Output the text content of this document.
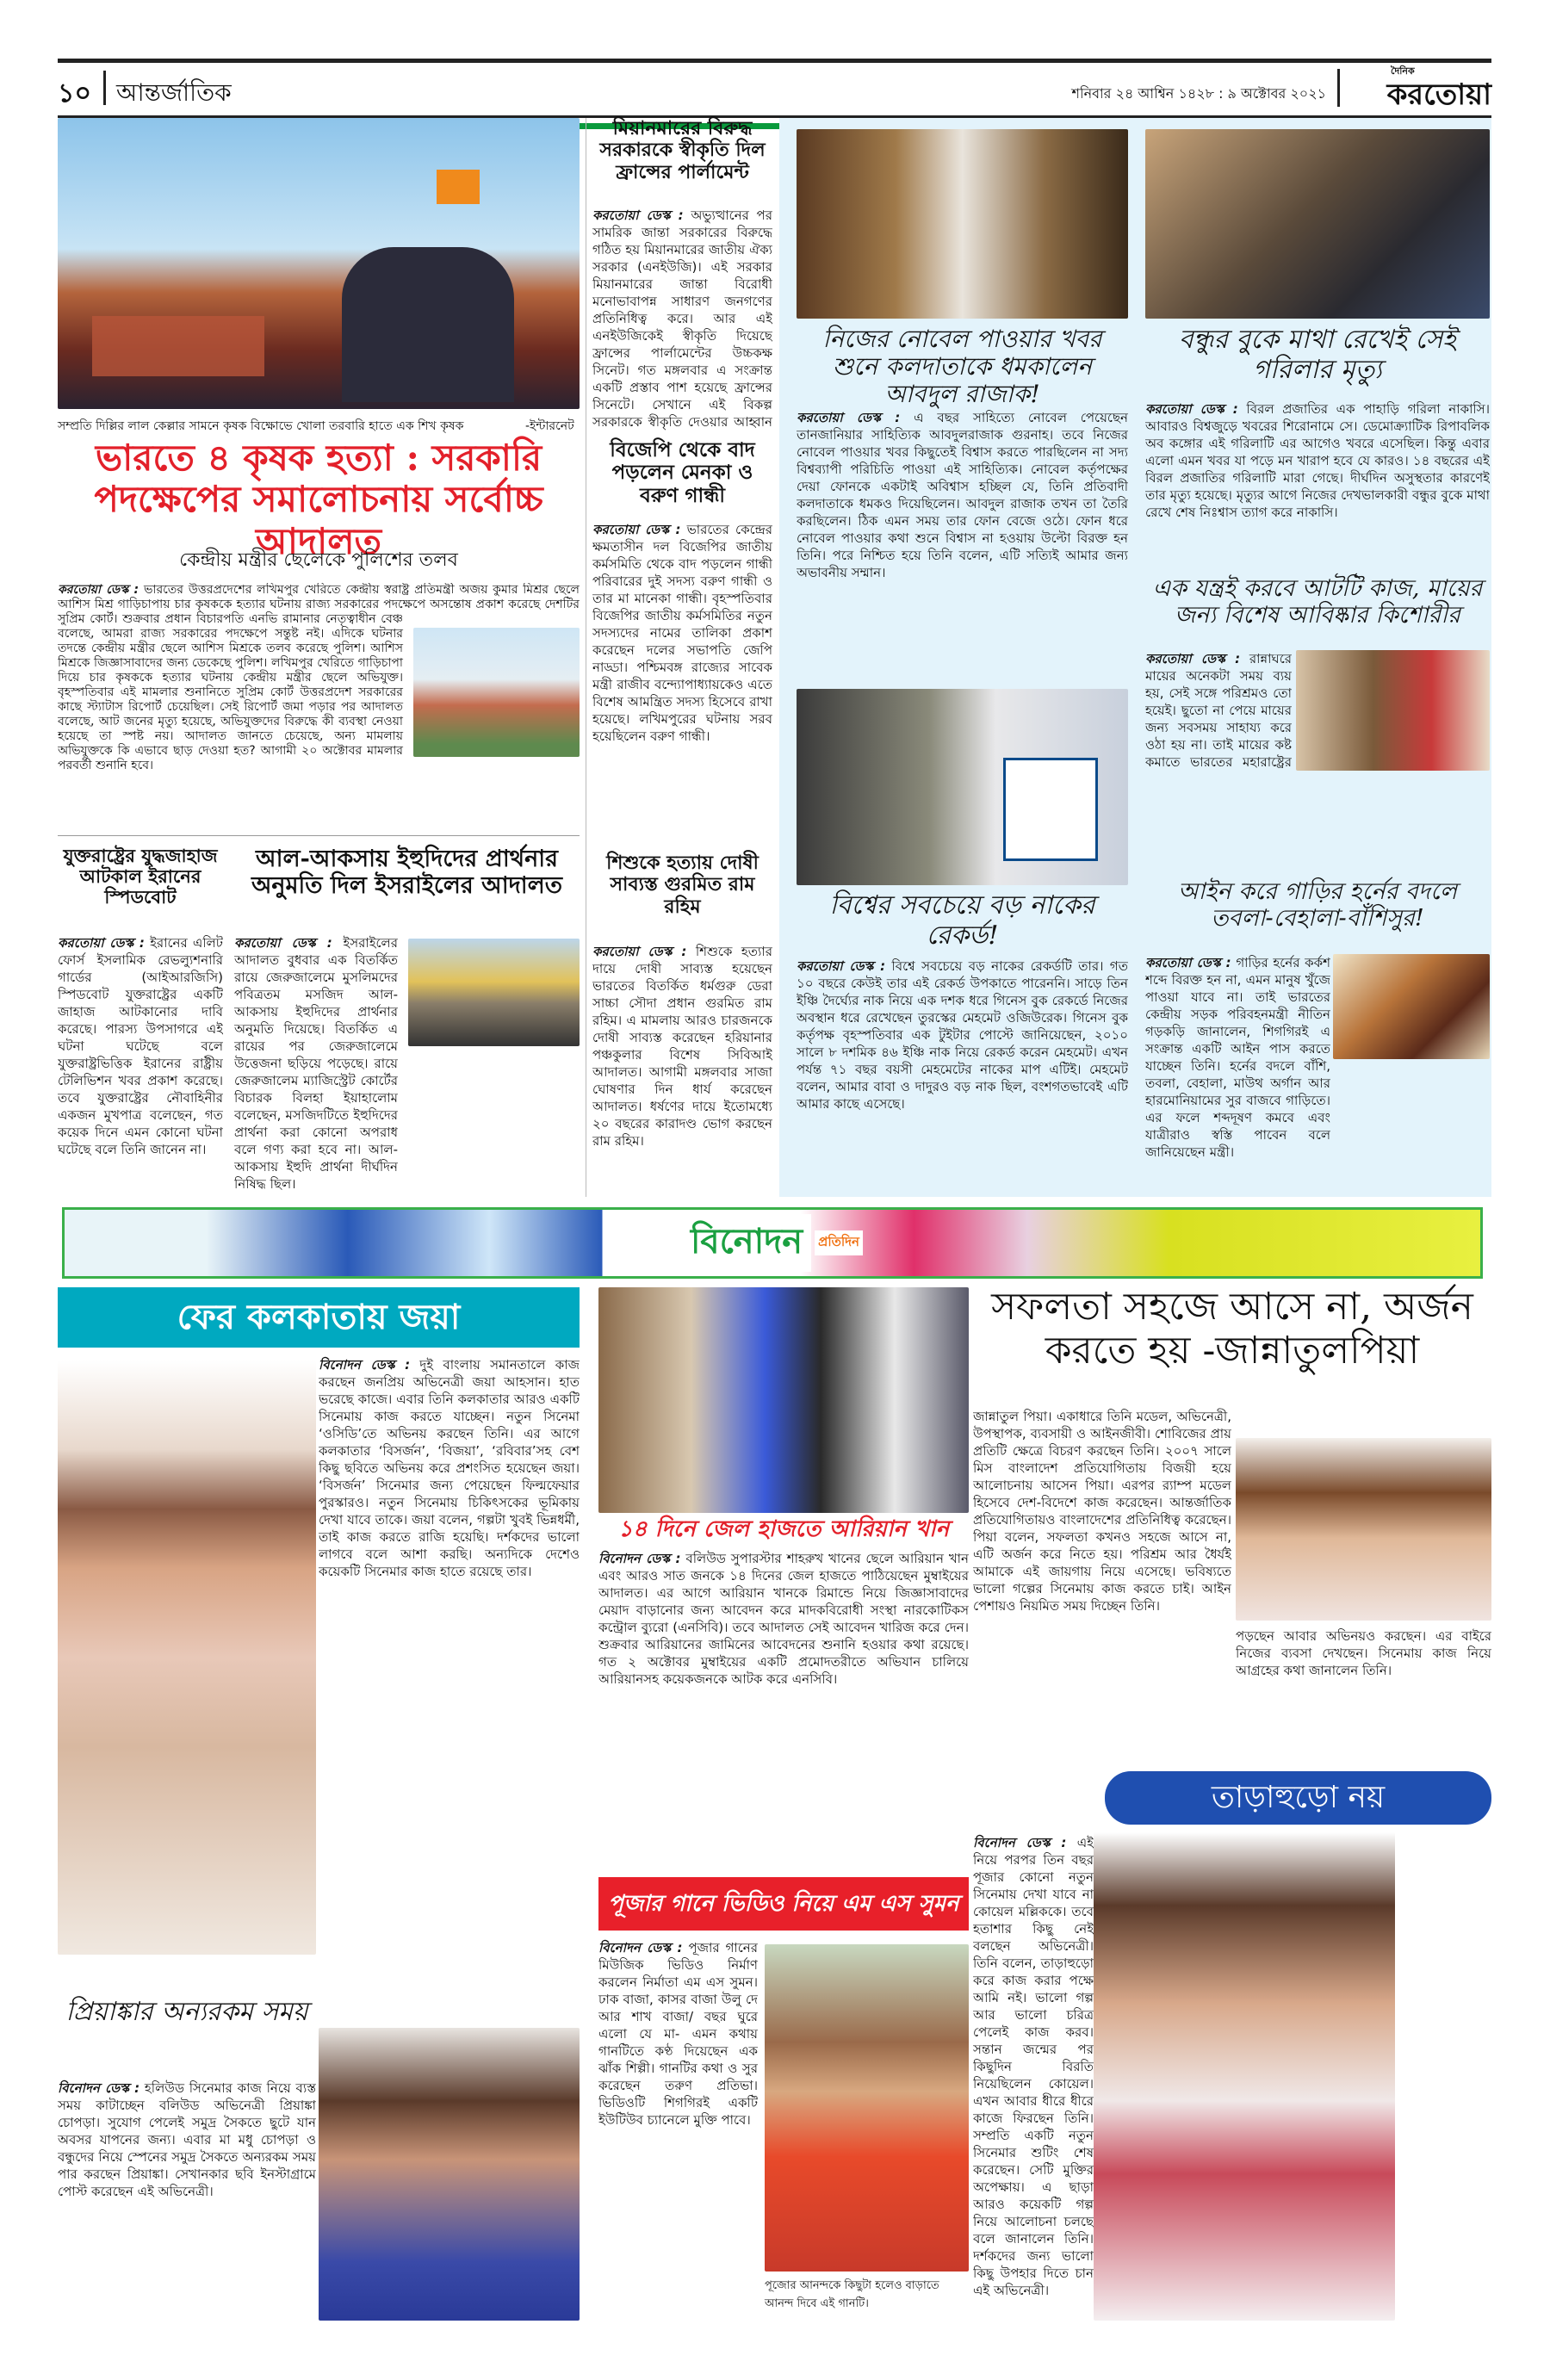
১০ আন্তর্জাতিক	শনিবার ২৪ আশ্বিন ১৪২৮ : ৯ অক্টোবর ২০২১
দৈনিক
করতোয়া
সম্প্রতি দিল্লির লাল কেল্লার সামনে কৃষক বিক্ষোভে খোলা তরবারি হাতে এক শিখ কৃষক	-ইন্টারনেট
ভারতে ৪ কৃষক হত্যা : সরকারি পদক্ষেপের সমালোচনায় সর্বোচ্চ আদালত
কেন্দ্রীয় মন্ত্রীর ছেলেকে পুলিশের তলব
করতোয়া ডেস্ক : ভারতের উত্তরপ্রদেশের লখিমপুর খেরিতে কেন্দ্রীয় স্বরাষ্ট্র প্রতিমন্ত্রী অজয় কুমার মিশ্রর ছেলে আশিস মিশ্র গাড়িচাপায় চার কৃষককে হত্যার ঘটনায় রাজ্য সরকারের পদক্ষেপে অসন্তোষ প্রকাশ করেছে দেশটির সুপ্রিম কোর্ট। শুক্রবার প্রধান বিচারপতি এনভি রামানার নেতৃত্বাধীন বেঞ্চ বলেছে, আমরা রাজ্য সরকারের পদক্ষেপে সন্তুষ্ট নই। এদিকে ঘটনার তদন্তে কেন্দ্রীয় মন্ত্রীর ছেলে আশিস মিশ্রকে তলব করেছে পুলিশ। আশিস মিশ্রকে জিজ্ঞাসাবাদের জন্য ডেকেছে পুলিশ। লখিমপুর খেরিতে গাড়িচাপা দিয়ে চার কৃষককে হত্যার ঘটনায় কেন্দ্রীয় মন্ত্রীর ছেলে অভিযুক্ত। বৃহস্পতিবার এই মামলার শুনানিতে সুপ্রিম কোর্ট উত্তরপ্রদেশ সরকারের কাছে স্ট্যাটাস রিপোর্ট চেয়েছিল। সেই রিপোর্ট জমা পড়ার পর আদালত বলেছে, আট জনের মৃত্যু হয়েছে, অভিযুক্তদের বিরুদ্ধে কী ব্যবস্থা নেওয়া হয়েছে তা স্পষ্ট নয়। আদালত জানতে চেয়েছে, অন্য মামলায় অভিযুক্তকে কি এভাবে ছাড় দেওয়া হত? আগামী ২০ অক্টোবর মামলার পরবর্তী শুনানি হবে।
যুক্তরাষ্ট্রের যুদ্ধজাহাজ আটকাল ইরানের স্পিডবোট
করতোয়া ডেস্ক : ইরানের এলিট ফোর্স ইসলামিক রেভল্যুশনারি গার্ডের (আইআরজিসি) স্পিডবোট যুক্তরাষ্ট্রের একটি জাহাজ আটকানোর দাবি করেছে। পারস্য উপসাগরে এই ঘটনা ঘটেছে বলে যুক্তরাষ্ট্রভিত্তিক ইরানের রাষ্ট্রীয় টেলিভিশন খবর প্রকাশ করেছে। তবে যুক্তরাষ্ট্রের নৌবাহিনীর একজন মুখপাত্র বলেছেন, গত কয়েক দিনে এমন কোনো ঘটনা ঘটেছে বলে তিনি জানেন না।
আল-আকসায় ইহুদিদের প্রার্থনার অনুমতি দিল ইসরাইলের আদালত
করতোয়া ডেস্ক : ইসরাইলের আদালত বুধবার এক বিতর্কিত রায়ে জেরুজালেমে মুসলিমদের পবিত্রতম মসজিদ আল-আকসায় ইহুদিদের প্রার্থনার অনুমতি দিয়েছে। বিতর্কিত এ রায়ের পর জেরুজালেমে উত্তেজনা ছড়িয়ে পড়েছে। রায়ে জেরুজালেম ম্যাজিস্ট্রেট কোর্টের বিচারক বিলহা ইয়াহালোম বলেছেন, মসজিদটিতে ইহুদিদের প্রার্থনা করা কোনো অপরাধ বলে গণ্য করা হবে না। আল-আকসায় ইহুদি প্রার্থনা দীর্ঘদিন নিষিদ্ধ ছিল।
মিয়ানমারের বিরুদ্ধ সরকারকে স্বীকৃতি দিল ফ্রান্সের পার্লামেন্ট
করতোয়া ডেস্ক : অভ্যুত্থানের পর সামরিক জান্তা সরকারের বিরুদ্ধে গঠিত হয় মিয়ানমারের জাতীয় ঐক্য সরকার (এনইউজি)। এই সরকার মিয়ানমারের জান্তা বিরোধী মনোভাবাপন্ন সাধারণ জনগণের প্রতিনিধিত্ব করে। আর এই এনইউজিকেই স্বীকৃতি দিয়েছে ফ্রান্সের পার্লামেন্টের উচ্চকক্ষ সিনেট। গত মঙ্গলবার এ সংক্রান্ত একটি প্রস্তাব পাশ হয়েছে ফ্রান্সের সিনেটে। সেখানে এই বিকল্প সরকারকে স্বীকৃতি দেওয়ার আহ্বান
বিজেপি থেকে বাদ পড়লেন মেনকা ও বরুণ গান্ধী
করতোয়া ডেস্ক : ভারতের কেন্দ্রের ক্ষমতাসীন দল বিজেপির জাতীয় কর্মসমিতি থেকে বাদ পড়লেন গান্ধী পরিবারের দুই সদস্য বরুণ গান্ধী ও তার মা মানেকা গান্ধী। বৃহস্পতিবার বিজেপির জাতীয় কর্মসমিতির নতুন সদস্যদের নামের তালিকা প্রকাশ করেছেন দলের সভাপতি জেপি নাড্ডা। পশ্চিমবঙ্গ রাজ্যের সাবেক মন্ত্রী রাজীব বন্দ্যোপাধ্যায়কেও এতে বিশেষ আমন্ত্রিত সদস্য হিসেবে রাখা হয়েছে। লখিমপুরের ঘটনায় সরব হয়েছিলেন বরুণ গান্ধী।
শিশুকে হত্যায় দোষী সাব্যস্ত গুরমিত রাম রহিম
করতোয়া ডেস্ক : শিশুকে হত্যার দায়ে দোষী সাব্যস্ত হয়েছেন ভারতের বিতর্কিত ধর্মগুরু ডেরা সাচ্চা সৌদা প্রধান গুরমিত রাম রহিম। এ মামলায় আরও চারজনকে দোষী সাব্যস্ত করেছেন হরিয়ানার পঞ্চকুলার বিশেষ সিবিআই আদালত। আগামী মঙ্গলবার সাজা ঘোষণার দিন ধার্য করেছেন আদালত। ধর্ষণের দায়ে ইতোমধ্যে ২০ বছরের কারাদণ্ড ভোগ করছেন রাম রহিম।
নিজের নোবেল পাওয়ার খবর শুনে কলদাতাকে ধমকালেন আবদুল রাজাক!
করতোয়া ডেস্ক : এ বছর সাহিত্যে নোবেল পেয়েছেন তানজানিয়ার সাহিত্যিক আবদুলরাজাক গুরনাহ। তবে নিজের নোবেল পাওয়ার খবর কিছুতেই বিশ্বাস করতে পারছিলেন না সদ্য বিশ্বব্যাপী পরিচিতি পাওয়া এই সাহিত্যিক। নোবেল কর্তৃপক্ষের দেয়া ফোনকে একটাই অবিশ্বাস হচ্ছিল যে, তিনি প্রতিবাদী কলদাতাকে ধমকও দিয়েছিলেন। আবদুল রাজাক তখন তা তৈরি করছিলেন। ঠিক এমন সময় তার ফোন বেজে ওঠে। ফোন ধরে নোবেল পাওয়ার কথা শুনে বিশ্বাস না হওয়ায় উল্টো বিরক্ত হন তিনি। পরে নিশ্চিত হয়ে তিনি বলেন, এটি সত্যিই আমার জন্য অভাবনীয় সম্মান।
বিশ্বের সবচেয়ে বড় নাকের রেকর্ড!
করতোয়া ডেস্ক : বিশ্বে সবচেয়ে বড় নাকের রেকর্ডটি তার। গত ১০ বছরে কেউই তার এই রেকর্ড উপকাতে পারেননি। সাড়ে তিন ইঞ্চি দৈর্ঘ্যের নাক নিয়ে এক দশক ধরে গিনেস বুক রেকর্ডে নিজের অবস্থান ধরে রেখেছেন তুরস্কের মেহমেট ওজিউরেক। গিনেস বুক কর্তৃপক্ষ বৃহস্পতিবার এক টুইটার পোস্টে জানিয়েছেন, ২০১০ সালে ৮ দশমিক ৪৬ ইঞ্চি নাক নিয়ে রেকর্ড করেন মেহমেট। এখন পর্যন্ত ৭১ বছর বয়সী মেহমেটের নাকের মাপ এটিই। মেহমেট বলেন, আমার বাবা ও দাদুরও বড় নাক ছিল, বংশগতভাবেই এটি আমার কাছে এসেছে।
বন্ধুর বুকে মাথা রেখেই সেই গরিলার মৃত্যু
করতোয়া ডেস্ক : বিরল প্রজাতির এক পাহাড়ি গরিলা নাকাসি। আবারও বিশ্বজুড়ে খবরের শিরোনামে সে। ডেমোক্র্যাটিক রিপাবলিক অব কঙ্গোর এই গরিলাটি এর আগেও খবরে এসেছিল। কিন্তু এবার এলো এমন খবর যা পড়ে মন খারাপ হবে যে কারও। ১৪ বছরের এই বিরল প্রজাতির গরিলাটি মারা গেছে। দীর্ঘদিন অসুস্থতার কারণেই তার মৃত্যু হয়েছে। মৃত্যুর আগে নিজের দেখভালকারী বন্ধুর বুকে মাথা রেখে শেষ নিঃশ্বাস ত্যাগ করে নাকাসি।
এক যন্ত্রই করবে আটটি কাজ, মায়ের জন্য বিশেষ আবিষ্কার কিশোরীর
করতোয়া ডেস্ক : রান্নাঘরে মায়ের অনেকটা সময় ব্যয় হয়, সেই সঙ্গে পরিশ্রমও তো হয়েই। ছুতো না পেয়ে মায়ের জন্য সবসময় সাহায্য করে ওঠা হয় না। তাই মায়ের কষ্ট কমাতে ভারতের মহারাষ্ট্রের
আইন করে গাড়ির হর্নের বদলে তবলা-বেহালা-বাঁশিসুর!
করতোয়া ডেস্ক : গাড়ির হর্নের কর্কশ শব্দে বিরক্ত হন না, এমন মানুষ খুঁজে পাওয়া যাবে না। তাই ভারতের কেন্দ্রীয় সড়ক পরিবহনমন্ত্রী নীতিন গড়কড়ি জানালেন, শিগগিরই এ সংক্রান্ত একটি আইন পাস করতে যাচ্ছেন তিনি। হর্নের বদলে বাঁশি, তবলা, বেহালা, মাউথ অর্গান আর হারমোনিয়ামের সুর বাজবে গাড়িতে। এর ফলে শব্দদূষণ কমবে এবং যাত্রীরাও স্বস্তি পাবেন বলে জানিয়েছেন মন্ত্রী।
বিনোদন	প্রতিদিন
ফের কলকাতায় জয়া
বিনোদন ডেস্ক : দুই বাংলায় সমানতালে কাজ করছেন জনপ্রিয় অভিনেত্রী জয়া আহসান। হাত ভরেছে কাজে। এবার তিনি কলকাতার আরও একটি সিনেমায় কাজ করতে যাচ্ছেন। নতুন সিনেমা ‘ওসিডি’তে অভিনয় করছেন তিনি। এর আগে কলকাতার ‘বিসর্জন’, ‘বিজয়া’, ‘রবিবার’সহ বেশ কিছু ছবিতে অভিনয় করে প্রশংসিত হয়েছেন জয়া। ‘বিসর্জন’ সিনেমার জন্য পেয়েছেন ফিল্মফেয়ার পুরস্কারও। নতুন সিনেমায় চিকিৎসকের ভূমিকায় দেখা যাবে তাকে। জয়া বলেন, গল্পটা খুবই ভিন্নধর্মী, তাই কাজ করতে রাজি হয়েছি। দর্শকদের ভালো লাগবে বলে আশা করছি। অন্যদিকে দেশেও কয়েকটি সিনেমার কাজ হাতে রয়েছে তার।
প্রিয়াঙ্কার অন্যরকম সময়
বিনোদন ডেস্ক : হলিউড সিনেমার কাজ নিয়ে ব্যস্ত সময় কাটাচ্ছেন বলিউড অভিনেত্রী প্রিয়াঙ্কা চোপড়া। সুযোগ পেলেই সমুদ্র সৈকতে ছুটে যান অবসর যাপনের জন্য। এবার মা মধু চোপড়া ও বন্ধুদের নিয়ে স্পেনের সমুদ্র সৈকতে অন্যরকম সময় পার করছেন প্রিয়াঙ্কা। সেখানকার ছবি ইনস্টাগ্রামে পোস্ট করেছেন এই অভিনেত্রী।
১৪ দিনে জেল হাজতে আরিয়ান খান
বিনোদন ডেস্ক : বলিউড সুপারস্টার শাহরুখ খানের ছেলে আরিয়ান খান এবং আরও সাত জনকে ১৪ দিনের জেল হাজতে পাঠিয়েছেন মুম্বাইয়ের আদালত। এর আগে আরিয়ান খানকে রিমান্ডে নিয়ে জিজ্ঞাসাবাদের মেয়াদ বাড়ানোর জন্য আবেদন করে মাদকবিরোধী সংস্থা নারকোটিকস কন্ট্রোল ব্যুরো (এনসিবি)। তবে আদালত সেই আবেদন খারিজ করে দেন। শুক্রবার আরিয়ানের জামিনের আবেদনের শুনানি হওয়ার কথা রয়েছে। গত ২ অক্টোবর মুম্বাইয়ের একটি প্রমোদতরীতে অভিযান চালিয়ে আরিয়ানসহ কয়েকজনকে আটক করে এনসিবি।
পূজার গানে ভিডিও নিয়ে এম এস সুমন
বিনোদন ডেস্ক : পূজার গানের মিউজিক ভিডিও নির্মাণ করলেন নির্মাতা এম এস সুমন। ঢাক বাজা, কাসর বাজা উলু দে আর শাখ বাজা/ বছর ঘুরে এলো যে মা- এমন কথায় গানটিতে কণ্ঠ দিয়েছেন এক ঝাঁক শিল্পী। গানটির কথা ও সুর করেছেন তরুণ প্রতিভা। ভিডিওটি শিগগিরই একটি ইউটিউব চ্যানেলে মুক্তি পাবে।
পূজোর আনন্দকে কিছুটা হলেও বাড়াতে আনন্দ দিবে এই গানটি।
সফলতা সহজে আসে না, অর্জন করতে হয় -জান্নাতুলপিয়া
জান্নাতুল পিয়া। একাধারে তিনি মডেল, অভিনেত্রী, উপস্থাপক, ব্যবসায়ী ও আইনজীবী। শোবিজের প্রায় প্রতিটি ক্ষেত্রে বিচরণ করছেন তিনি। ২০০৭ সালে মিস বাংলাদেশ প্রতিযোগিতায় বিজয়ী হয়ে আলোচনায় আসেন পিয়া। এরপর র‌্যাম্প মডেল হিসেবে দেশ-বিদেশে কাজ করেছেন। আন্তর্জাতিক প্রতিযোগিতায়ও বাংলাদেশের প্রতিনিধিত্ব করেছেন। পিয়া বলেন, সফলতা কখনও সহজে আসে না, এটি অর্জন করে নিতে হয়। পরিশ্রম আর ধৈর্যই আমাকে এই জায়গায় নিয়ে এসেছে। ভবিষ্যতে ভালো গল্পের সিনেমায় কাজ করতে চাই। আইন পেশায়ও নিয়মিত সময় দিচ্ছেন তিনি।
পড়ছেন আবার অভিনয়ও করছেন। এর বাইরে নিজের ব্যবসা দেখছেন। সিনেমায় কাজ নিয়ে আগ্রহের কথা জানালেন তিনি।
তাড়াহুড়ো নয়
বিনোদন ডেস্ক : এই নিয়ে পরপর তিন বছর পূজার কোনো নতুন সিনেমায় দেখা যাবে না কোয়েল মল্লিককে। তবে হতাশার কিছু নেই বলছেন অভিনেত্রী। তিনি বলেন, তাড়াহুড়ো করে কাজ করার পক্ষে আমি নই। ভালো গল্প আর ভালো চরিত্র পেলেই কাজ করব। সন্তান জন্মের পর কিছুদিন বিরতি নিয়েছিলেন কোয়েল। এখন আবার ধীরে ধীরে কাজে ফিরছেন তিনি। সম্প্রতি একটি নতুন সিনেমার শুটিং শেষ করেছেন। সেটি মুক্তির অপেক্ষায়। এ ছাড়া আরও কয়েকটি গল্প নিয়ে আলোচনা চলছে বলে জানালেন তিনি। দর্শকদের জন্য ভালো কিছু উপহার দিতে চান এই অভিনেত্রী।
